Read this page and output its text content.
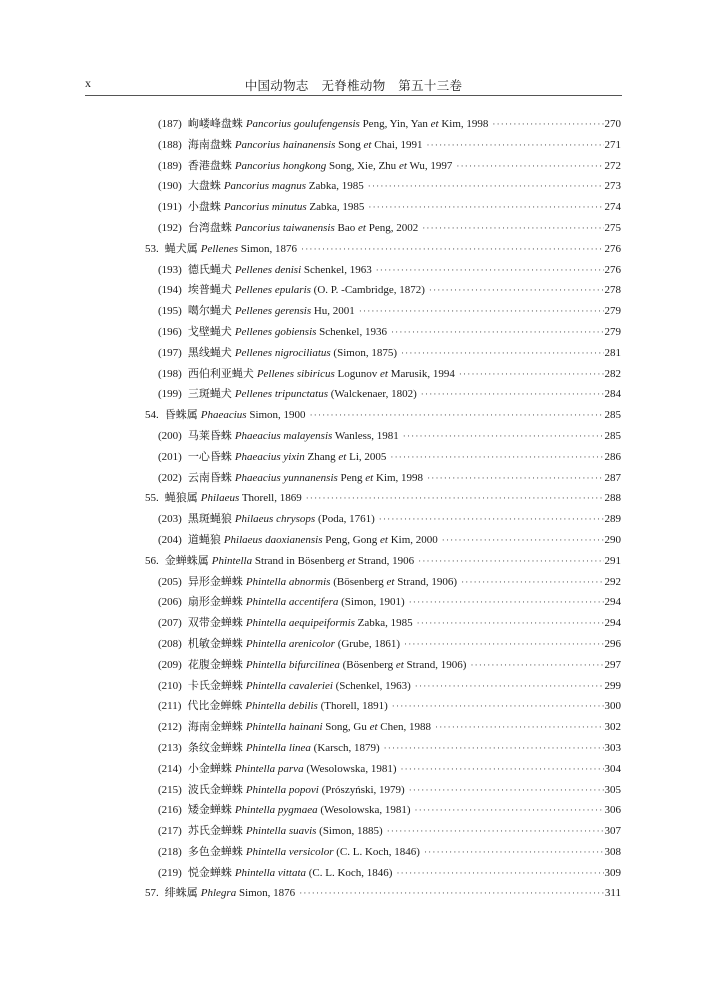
x	中国动物志　无脊椎动物　第五十三卷
(187) 岣嵝峰盘蛛 Pancorius goulufengensis Peng, Yin, Yan et Kim, 1998 ·····	270
(188) 海南盘蛛 Pancorius hainanensis Song et Chai, 1991 ·····	271
(189) 香港盘蛛 Pancorius hongkong Song, Xie, Zhu et Wu, 1997 ·····	272
(190) 大盘蛛 Pancorius magnus Zabka, 1985 ·····	273
(191) 小盘蛛 Pancorius minutus Zabka, 1985 ·····	274
(192) 台湾盘蛛 Pancorius taiwanensis Bao et Peng, 2002 ·····	275
53. 蝇犬属 Pellenes Simon, 1876 ·····	276
(193) 德氏蝇犬 Pellenes denisi Schenkel, 1963 ·····	276
(194) 埃普蝇犬 Pellenes epularis (O. P. -Cambridge, 1872) ·····	278
(195) 噶尔蝇犬 Pellenes gerensis Hu, 2001 ·····	279
(196) 戈壁蝇犬 Pellenes gobiensis Schenkel, 1936 ·····	279
(197) 黑线蝇犬 Pellenes nigrociliatus (Simon, 1875) ·····	281
(198) 西伯利亚蝇犬 Pellenes sibiricus Logunov et Marusik, 1994 ·····	282
(199) 三斑蝇犬 Pellenes tripunctatus (Walckenaer, 1802) ·····	284
54. 昏蛛属 Phaeacius Simon, 1900 ·····	285
(200) 马莱昏蛛 Phaeacius malayensis Wanless, 1981 ·····	285
(201) 一心昏蛛 Phaeacius yixin Zhang et Li, 2005 ·····	286
(202) 云南昏蛛 Phaeacius yunnanensis Peng et Kim, 1998 ·····	287
55. 蝇狼属 Philaeus Thorell, 1869 ·····	288
(203) 黑斑蝇狼 Philaeus chrysops (Poda, 1761) ·····	289
(204) 道蝇狼 Philaeus daoxianensis Peng, Gong et Kim, 2000 ·····	290
56. 金蝉蛛属 Phintella Strand in Bösenberg et Strand, 1906 ·····	291
(205) 异形金蝉蛛 Phintella abnormis (Bösenberg et Strand, 1906) ·····	292
(206) 扇形金蝉蛛 Phintella accentifera (Simon, 1901) ·····	294
(207) 双带金蝉蛛 Phintella aequipeiformis Zabka, 1985 ·····	294
(208) 机敏金蝉蛛 Phintella arenicolor (Grube, 1861) ·····	296
(209) 花腹金蝉蛛 Phintella bifurcilinea (Bösenberg et Strand, 1906) ·····	297
(210) 卡氏金蝉蛛 Phintella cavaleriei (Schenkel, 1963) ·····	299
(211) 代比金蝉蛛 Phintella debilis (Thorell, 1891) ·····	300
(212) 海南金蝉蛛 Phintella hainani Song, Gu et Chen, 1988 ·····	302
(213) 条纹金蝉蛛 Phintella linea (Karsch, 1879) ·····	303
(214) 小金蝉蛛 Phintella parva (Wesolowska, 1981) ·····	304
(215) 波氏金蝉蛛 Phintella popovi (Prószyński, 1979) ·····	305
(216) 矮金蝉蛛 Phintella pygmaea (Wesolowska, 1981) ·····	306
(217) 苏氏金蝉蛛 Phintella suavis (Simon, 1885) ·····	307
(218) 多色金蝉蛛 Phintella versicolor (C. L. Koch, 1846) ·····	308
(219) 悦金蝉蛛 Phintella vittata (C. L. Koch, 1846) ·····	309
57. 绯蛛属 Phlegra Simon, 1876 ·····	311
